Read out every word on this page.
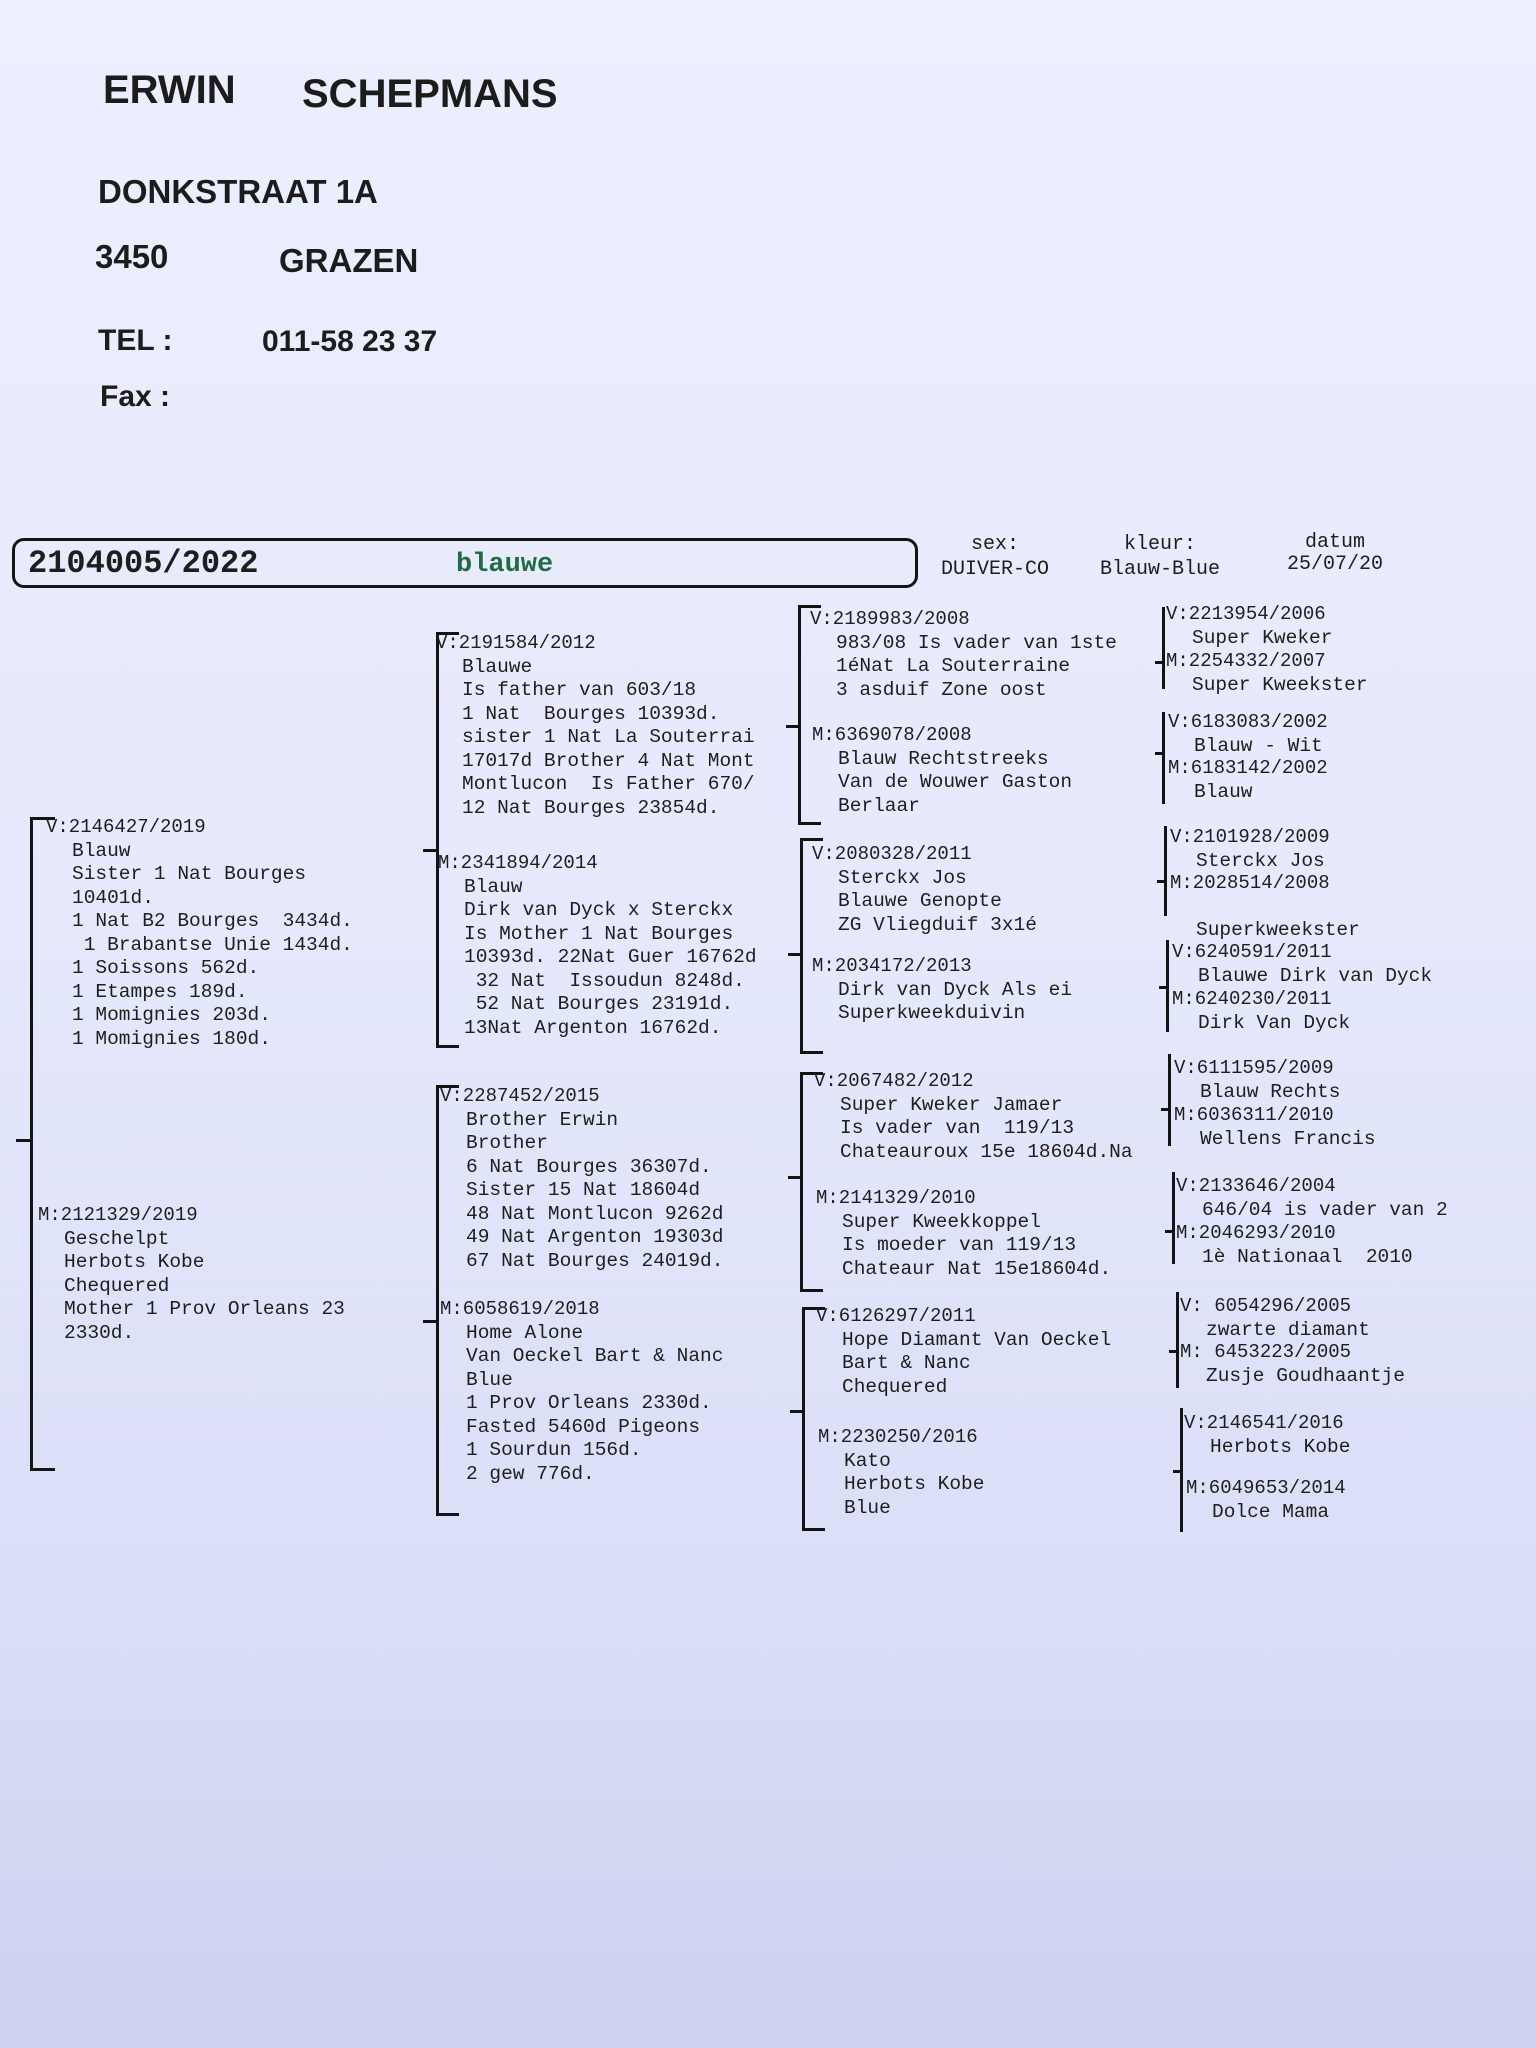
ERWIN SCHEPMANS
DONKSTRAAT 1A
3450	GRAZEN
TEL :	011-58 23 37
Fax :
2104005/2022	blauwe
sex:
DUIVER-CO
kleur:
Blauw-Blue
datum
25/07/20
V:2146427/2019
Blauw
Sister 1 Nat Bourges
10401d.
1 Nat B2 Bourges  3434d.
1 Brabantse Unie 1434d.
1 Soissons 562d.
1 Etampes 189d.
1 Momignies 203d.
1 Momignies 180d.
M:2121329/2019
Geschelpt
Herbots Kobe
Chequered
Mother 1 Prov Orleans 23
2330d.
V:2191584/2012
Blauwe
Is father van 603/18
1 Nat  Bourges 10393d.
sister 1 Nat La Souterrai
17017d Brother 4 Nat Mont
Montlucon  Is Father 670/
12 Nat Bourges 23854d.
M:2341894/2014
Blauw
Dirk van Dyck x Sterckx
Is Mother 1 Nat Bourges
10393d. 22Nat Guer 16762d
32 Nat  Issoudun 8248d.
52 Nat Bourges 23191d.
13Nat Argenton 16762d.
V:2287452/2015
Brother Erwin
Brother
6 Nat Bourges 36307d.
Sister 15 Nat 18604d
48 Nat Montlucon 9262d
49 Nat Argenton 19303d
67 Nat Bourges 24019d.
M:6058619/2018
Home Alone
Van Oeckel Bart & Nanc
Blue
1 Prov Orleans 2330d.
Fasted 5460d Pigeons
1 Sourdun 156d.
2 gew 776d.
V:2189983/2008
983/08 Is vader van 1ste
1éNat La Souterraine
3 asduif Zone oost
M:6369078/2008
Blauw Rechtstreeks
Van de Wouwer Gaston
Berlaar
V:2080328/2011
Sterckx Jos
Blauwe Genopte
ZG Vliegduif 3x1é
M:2034172/2013
Dirk van Dyck Als ei
Superkweekduivin
V:2067482/2012
Super Kweker Jamaer
Is vader van  119/13
Chateauroux 15e 18604d.Na
M:2141329/2010
Super Kweekkoppel
Is moeder van 119/13
Chateaur Nat 15e18604d.
V:6126297/2011
Hope Diamant Van Oeckel
Bart & Nanc
Chequered
M:2230250/2016
Kato
Herbots Kobe
Blue
V:2213954/2006
Super Kweker
M:2254332/2007
Super Kweekster
V:6183083/2002
Blauw - Wit
M:6183142/2002
Blauw
V:2101928/2009
Sterckx Jos
M:2028514/2008
Superkweekster
V:6240591/2011
Blauwe Dirk van Dyck
M:6240230/2011
Dirk Van Dyck
V:6111595/2009
Blauw Rechts
M:6036311/2010
Wellens Francis
V:2133646/2004
646/04 is vader van 2
M:2046293/2010
1è Nationaal  2010
V: 6054296/2005
zwarte diamant
M: 6453223/2005
Zusje Goudhaantje
V:2146541/2016
Herbots Kobe
M:6049653/2014
Dolce Mama
